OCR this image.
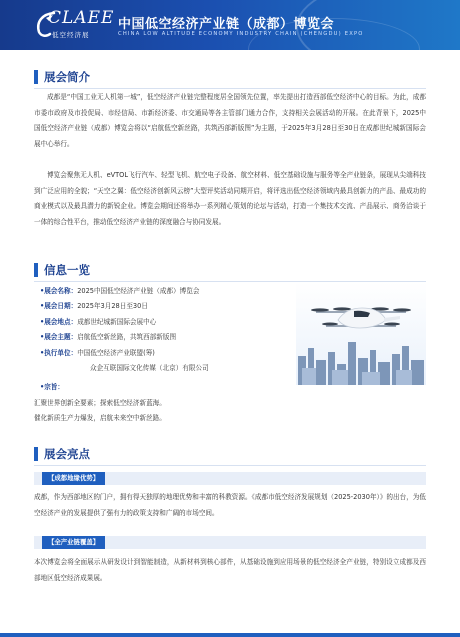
CLAEE
低空经济展
中国低空经济产业链（成都）博览会
CHINA LOW ALTITUDE ECONOMY INDUSTRY CHAIN (CHENGDU) EXPO
展会简介
成都是“中国工业无人机第一城”，低空经济产业链完整程度居全国领先位置，率先提出打造西部低空经济中心的目标。为此，成都市委市政府及市投促局、市经信局、市新经济委、市交通局等各主管部门通力合作，支持相关会展活动的开展。在此背景下，2025中国低空经济产业链（成都）博览会将以“启航低空新丝路，共筑西部新版图”为主题，于2025年3月28日至30日在成都世纪城新国际会展中心举行。
博览会聚焦无人机、eVTOL飞行汽车、轻型飞机、航空电子设备、航空材料、低空基础设施与服务等全产业链条，展现从尖端科技到广泛应用的全貌；“天空之翼：低空经济创新风云榜”大型评奖活动同期开启，将评选出低空经济领域内最具创新力的产品、最成功的商业模式以及最具潜力的新锐企业。博览会期间还将举办一系列精心策划的论坛与活动，打造一个集技术交流、产品展示、商务洽谈于一体的综合性平台，推动低空经济产业链的深度融合与协同发展。
信息一览
•展会名称：2025中国低空经济产业链（成都）博览会
•展会日期：2025年3月28日至30日
•展会地点：成都世纪城新国际会展中心
•展会主题：启航低空新丝路，共筑西部新版图
•执行单位：中国低空经济产业联盟(筹)
众企互联国际文化传媒（北京）有限公司
•宗旨：
汇聚世界创新全要素；探索低空经济新蓝海。
催化新质生产力爆发，启航未来空中新丝路。
展会亮点
【成都地缘优势】
成都，作为西部地区的门户，拥有得天独厚的地理优势和丰富的科教资源。《成都市低空经济发展规划（2025-2030年）》的出台，为低空经济产业的发展提供了强有力的政策支持和广阔的市场空间。
【全产业链覆盖】
本次博览会将全面展示从研发设计到智能制造，从新材料到核心部件，从基础设施到应用场景的低空经济全产业链，特别设立成都及西部地区低空经济成果展。
